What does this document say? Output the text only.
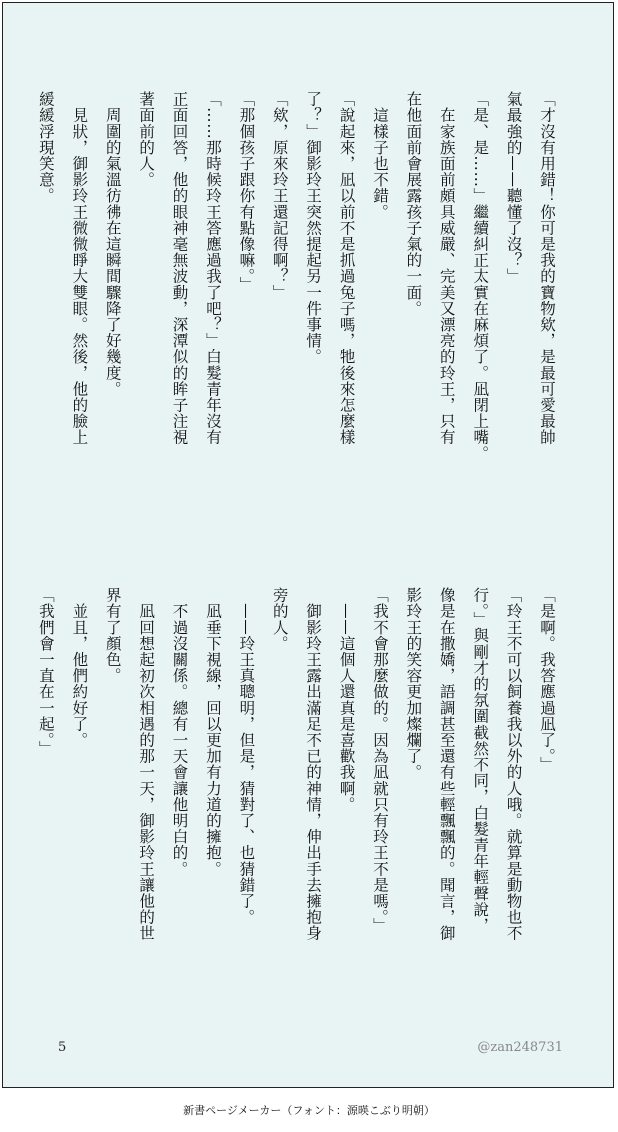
「才沒有用錯！你可是我的寶物欸，是最可愛最帥
氣最強的——聽懂了沒？」
「是、是……」繼續糾正太實在麻煩了。凪閉上嘴。
　在家族面前頗具威嚴、完美又漂亮的玲王，只有
在他面前會展露孩子氣的一面。
　這樣子也不錯。
「說起來，凪以前不是抓過兔子嗎，牠後來怎麼樣
了？」御影玲王突然提起另一件事情。
「欸，原來玲王還記得啊？」
「那個孩子跟你有點像嘛。」
「……那時候玲王答應過我了吧？」白髮青年沒有
正面回答，他的眼神毫無波動，深潭似的眸子注視
著面前的人。
　周圍的氣溫彷彿在這瞬間驟降了好幾度。
　見狀，御影玲王微微睜大雙眼。然後，他的臉上
緩緩浮現笑意。
「是啊。我答應過凪了。」
「玲王不可以飼養我以外的人哦。就算是動物也不
行。」與剛才的氛圍截然不同，白髮青年輕聲說，
像是在撒嬌，語調甚至還有些輕飄飄的。聞言，御
影玲王的笑容更加燦爛了。
「我不會那麼做的。因為凪就只有玲王不是嗎。」
　——這個人還真是喜歡我啊。
　御影玲王露出滿足不已的神情，伸出手去擁抱身
旁的人。
　——玲王真聰明，但是，猜對了、也猜錯了。
　凪垂下視線，回以更加有力道的擁抱。
　不過沒關係。總有一天會讓他明白的。
　凪回想起初次相遇的那一天，御影玲王讓他的世
界有了顏色。
　並且，他們約好了。
「我們會一直在一起。」
5	@zan248731
新書ページメーカー（フォント：源暎こぶり明朝）
